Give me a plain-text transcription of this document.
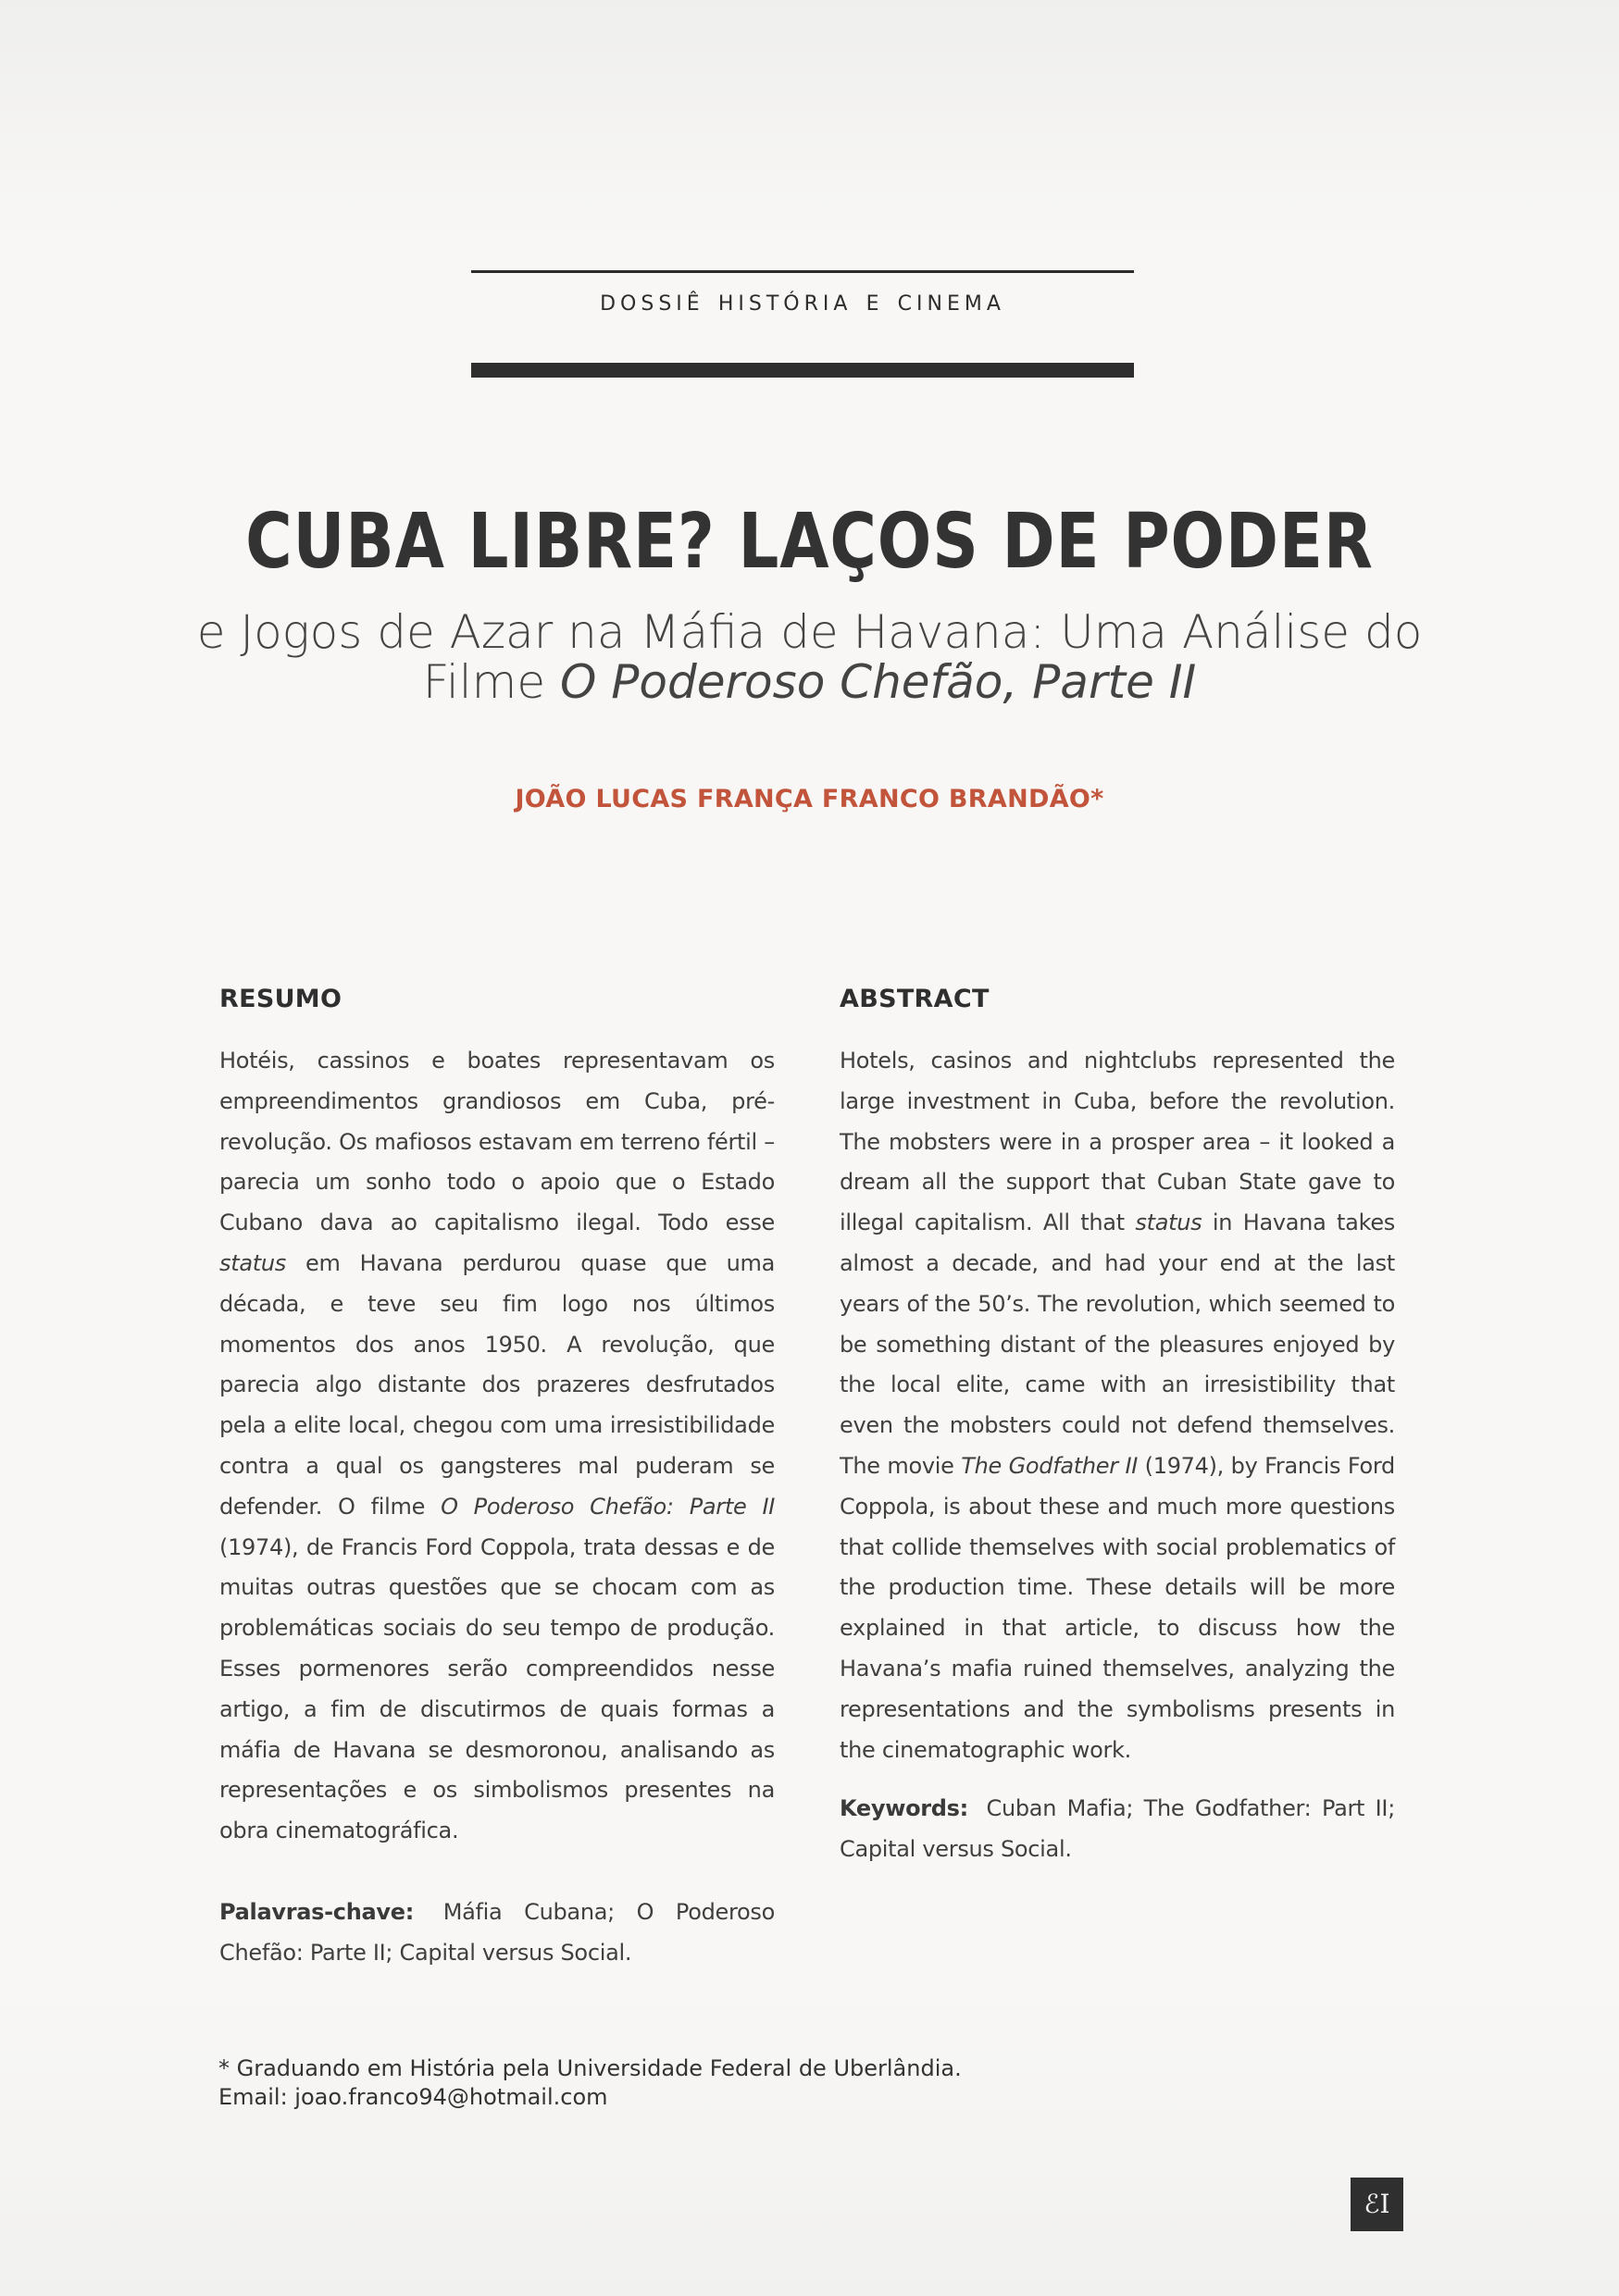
dossiê história e cinema
CUBA LIBRE? LAÇOS DE PODER
e Jogos de Azar na Máfia de Havana: Uma Análise do
Filme O Poderoso Chefão, Parte II
JOÃO LUCAS FRANÇA FRANCO BRANDÃO*
RESUMO

Hotéis, cassinos e boates representavam os empreendimentos grandiosos em Cuba, pré-revolução. Os mafiosos estavam em terreno fértil – parecia um sonho todo o apoio que o Estado Cubano dava ao capitalismo ilegal. Todo esse status em Havana perdurou quase que uma década, e teve seu fim logo nos últimos momentos dos anos 1950. A revolução, que parecia algo distante dos prazeres desfrutados pela a elite local, chegou com uma irresistibilidade contra a qual os gangsteres mal puderam se defender. O filme O Poderoso Chefão: Parte II (1974), de Francis Ford Coppola, trata dessas e de muitas outras questões que se chocam com as problemáticas sociais do seu tempo de produção. Esses pormenores serão compreendidos nesse artigo, a fim de discutirmos de quais formas a máfia de Havana se desmoronou, analisando as representações e os simbolismos presentes na obra cinematográfica.

Palavras-chave: Máfia Cubana; O Poderoso Chefão: Parte II; Capital versus Social.
ABSTRACT

Hotels, casinos and nightclubs represented the large investment in Cuba, before the revolution. The mobsters were in a prosper area – it looked a dream all the support that Cuban State gave to illegal capitalism. All that status in Havana takes almost a decade, and had your end at the last years of the 50’s. The revolution, which seemed to be something distant of the pleasures enjoyed by the local elite, came with an irresistibility that even the mobsters could not defend themselves. The movie The Godfather II (1974), by Francis Ford Coppola, is about these and much more questions that collide themselves with social problematics of the production time. These details will be more explained in that article, to discuss how the Havana’s mafia ruined themselves, analyzing the representations and the symbolisms presents in the cinematographic work.

Keywords: Cuban Mafia; The Godfather: Part II; Capital versus Social.
* Graduando em História pela Universidade Federal de Uberlândia.
Email: joao.franco94@hotmail.com
ℰΙ
